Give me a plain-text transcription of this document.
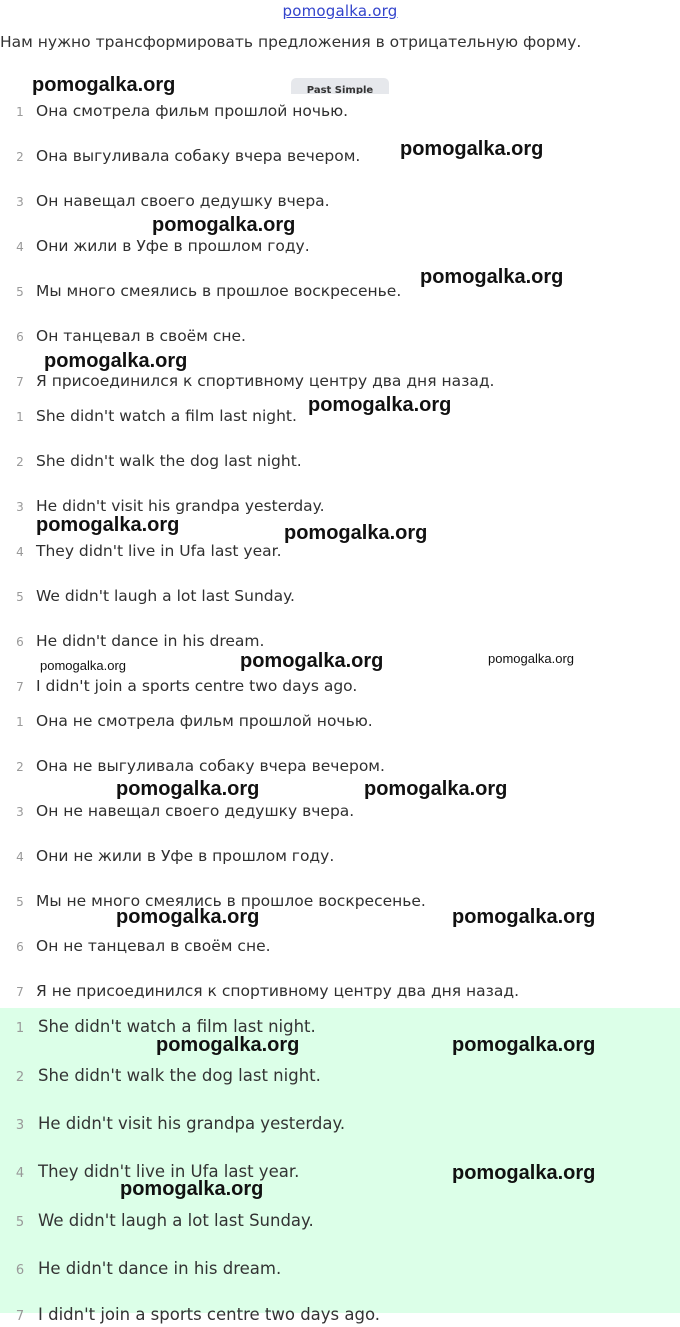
pomogalka.org
Нам нужно трансформировать предложения в отрицательную форму.
Past Simple
1 Она смотрела фильм прошлой ночью.
2 Она выгуливала собаку вчера вечером.
3 Он навещал своего дедушку вчера.
4 Они жили в Уфе в прошлом году.
5 Мы много смеялись в прошлое воскресенье.
6 Он танцевал в своём сне.
7 Я присоединился к спортивному центру два дня назад.
1 She didn't watch a film last night.
2 She didn't walk the dog last night.
3 He didn't visit his grandpa yesterday.
4 They didn't live in Ufa last year.
5 We didn't laugh a lot last Sunday.
6 He didn't dance in his dream.
7 I didn't join a sports centre two days ago.
1 Она не смотрела фильм прошлой ночью.
2 Она не выгуливала собаку вчера вечером.
3 Он не навещал своего дедушку вчера.
4 Они не жили в Уфе в прошлом году.
5 Мы не много смеялись в прошлое воскресенье.
6 Он не танцевал в своём сне.
7 Я не присоединился к спортивному центру два дня назад.
1 She didn't watch a film last night.
2 She didn't walk the dog last night.
3 He didn't visit his grandpa yesterday.
4 They didn't live in Ufa last year.
5 We didn't laugh a lot last Sunday.
6 He didn't dance in his dream.
7 I didn't join a sports centre two days ago.
pomogalka.org
pomogalka.org
pomogalka.org
pomogalka.org
pomogalka.org
pomogalka.org
pomogalka.org	pomogalka.org
pomogalka.org	pomogalka.org	pomogalka.org
pomogalka.org	pomogalka.org
pomogalka.org	pomogalka.org
pomogalka.org	pomogalka.org
pomogalka.org
pomogalka.org
